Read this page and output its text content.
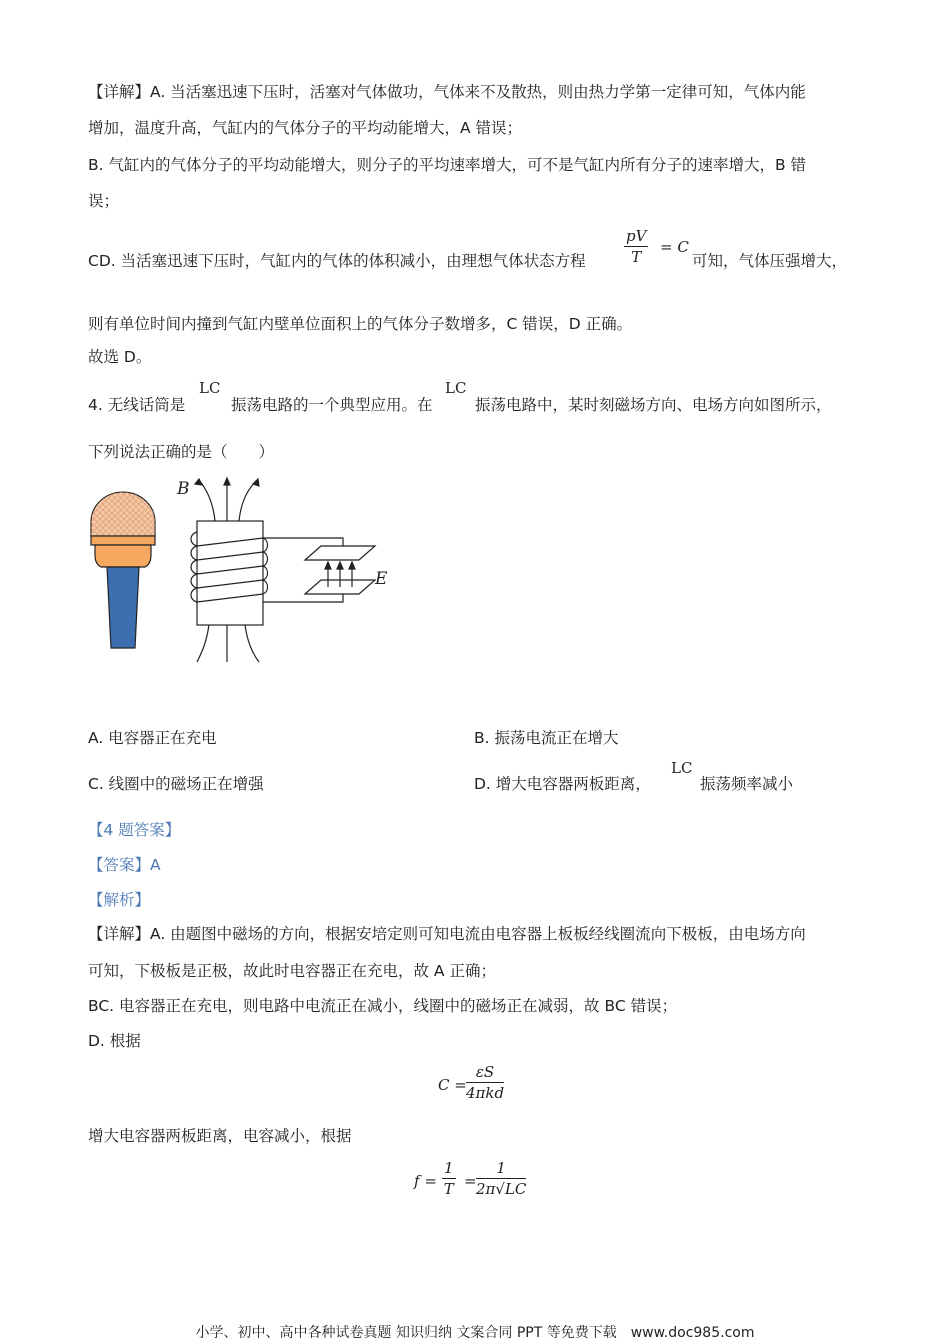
【详解】A. 当活塞迅速下压时，活塞对气体做功，气体来不及散热，则由热力学第一定律可知，气体内能
增加，温度升高，气缸内的气体分子的平均动能增大，A 错误；
B. 气缸内的气体分子的平均动能增大，则分子的平均速率增大，可不是气缸内所有分子的速率增大，B 错
误；
CD. 当活塞迅速下压时，气缸内的气体的体积减小，由理想气体状态方程	$\frac{pV}{T} = C$
可知，气体压强增大，
则有单位时间内撞到气缸内壁单位面积上的气体分子数增多，C 错误，D 正确。
故选 D。
4. 无线话筒是
LC
振荡电路的一个典型应用。在
LC
振荡电路中，某时刻磁场方向、电场方向如图所示，
下列说法正确的是（　　）
B
E
A. 电容器正在充电	B. 振荡电流正在增大
C. 线圈中的磁场正在增强	D. 增大电容器两板距离，
LC
振荡频率减小
【4 题答案】
【答案】A
【解析】
【详解】A. 由题图中磁场的方向，根据安培定则可知电流由电容器上板板经线圈流向下极板，由电场方向
可知，下极板是正极，故此时电容器正在充电，故 A 正确；
BC. 电容器正在充电，则电路中电流正在减小，线圈中的磁场正在减弱，故 BC 错误；
D. 根据
C =
εS
4πkd
增大电容器两板距离，电容减小，根据
$f = \frac{1}{T} = \frac{1}{2\pi√LC}$
小学、初中、高中各种试卷真题 知识归纳 文案合同 PPT 等免费下载　www.doc985.com
